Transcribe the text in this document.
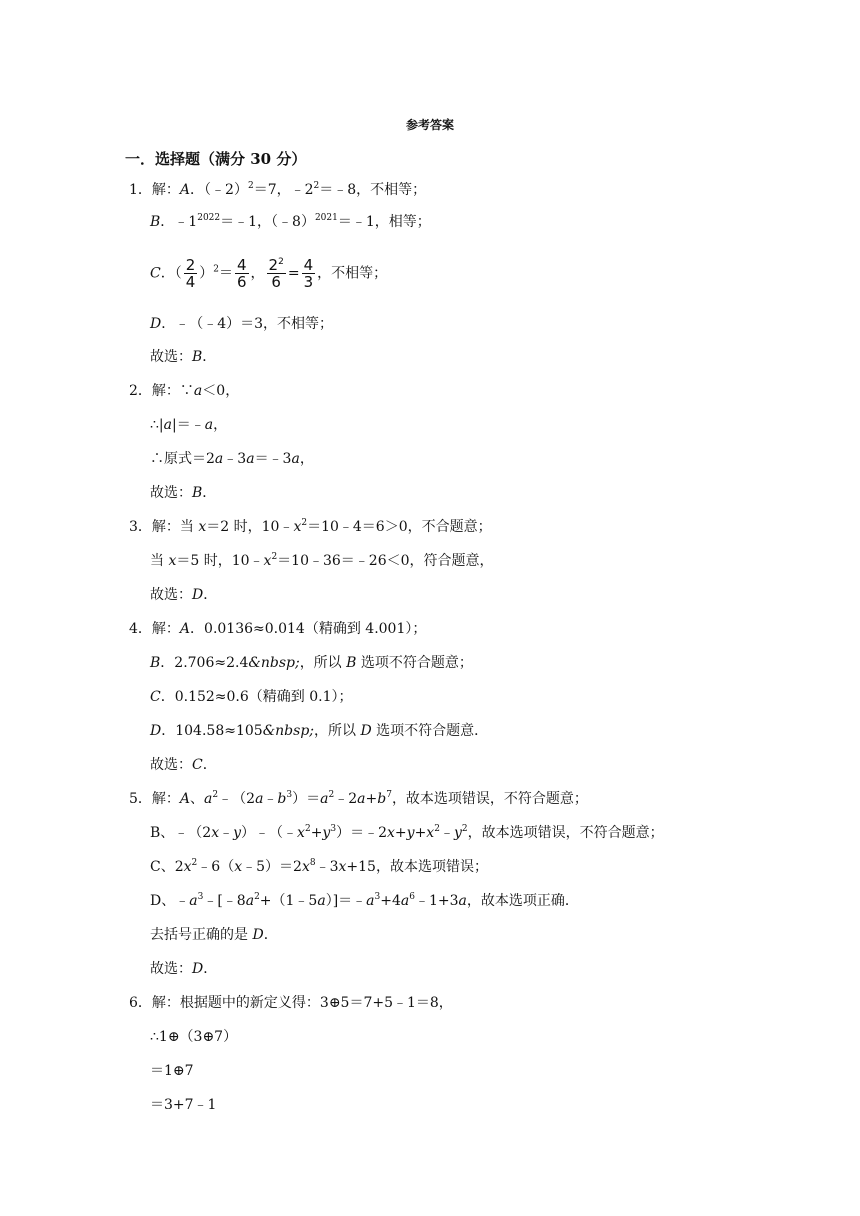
参考答案
一．选择题（满分 30 分）
1．解：A．（﹣2）$^2$＝7，$﹣2^2=﹣8$，不相等；
B．$﹣1^{2022}=﹣1$，（﹣8）$^{2021}$＝﹣1，相等；
C．（ $\frac{2}{4} )^2= \frac{4}{6}$ ， $\frac{2^2}{6} = \frac{4}{3}$ ，不相等；
D．﹣（﹣4）＝3，不相等；
故选：B．
2．解：∵a＜0，
∴|a|＝﹣a，
∴原式＝2a﹣3a＝﹣3a，
故选：B．
3．解：当 x＝2 时，$10﹣x^2=10﹣4=6>0$，不合题意；
当 x＝5 时，$10﹣x^2=10﹣36=﹣26<0$，符合题意，
故选：D．
4．解：A．0.0136≈0.014（精确到 4.001）；
B．2.706≈2.4&nbsp;，所以 B 选项不符合题意；
C．0.152≈0.6（精确到 0.1）；
D．104.58≈105&nbsp;，所以 D 选项不符合题意．
故选：C．
5．解：A、$a^2﹣(2a﹣b^3)=a^2﹣2a+b^7$，故本选项错误，不符合题意；
B、$﹣(2x﹣y)﹣(﹣x^2+y^3)=﹣2x+y+x^2﹣y^2$，故本选项错误，不符合题意；
C、$2x^2﹣6(x﹣5)=2x^8﹣3x+15$，故本选项错误；
D、$﹣a^3﹣[﹣8a^2+(1﹣5a)]=﹣a^3+4a^6﹣1+3a$，故本选项正确．
去括号正确的是 D．
故选：D．
6．解：根据题中的新定义得：3⊕5＝7+5﹣1＝8，
∴1⊕（3⊕7）
＝1⊕7
＝3+7﹣1
